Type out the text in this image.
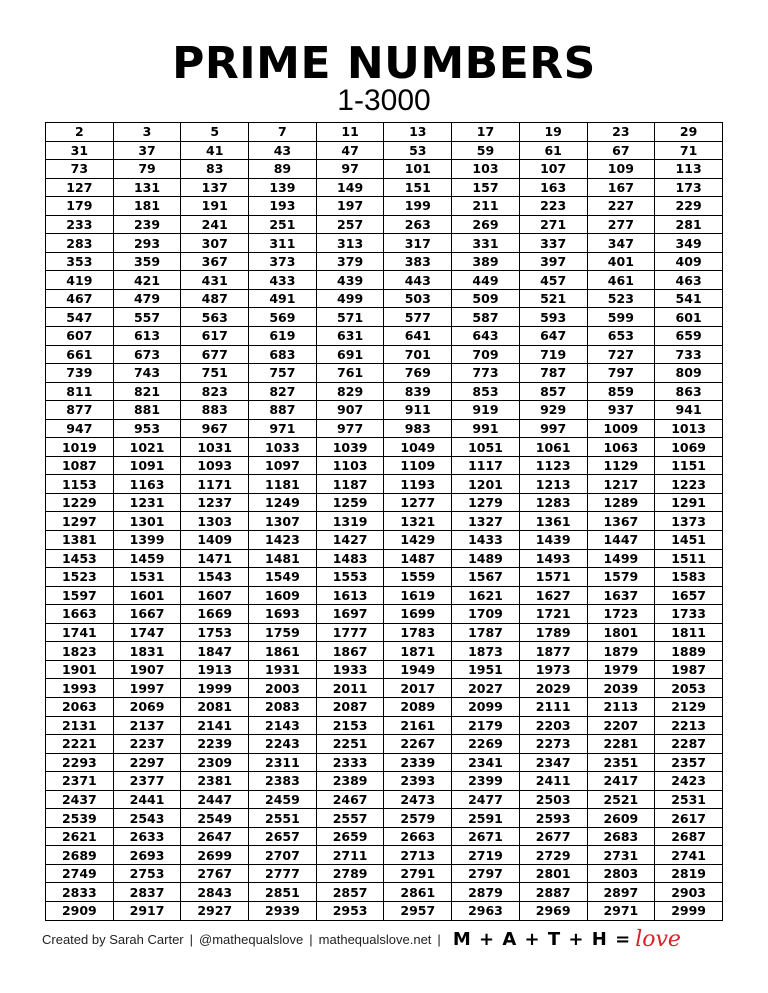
PRIME NUMBERS
1-3000
2	3	5	7	11	13	17	19	23	29
31	37	41	43	47	53	59	61	67	71
73	79	83	89	97	101	103	107	109	113
127	131	137	139	149	151	157	163	167	173
179	181	191	193	197	199	211	223	227	229
233	239	241	251	257	263	269	271	277	281
283	293	307	311	313	317	331	337	347	349
353	359	367	373	379	383	389	397	401	409
419	421	431	433	439	443	449	457	461	463
467	479	487	491	499	503	509	521	523	541
547	557	563	569	571	577	587	593	599	601
607	613	617	619	631	641	643	647	653	659
661	673	677	683	691	701	709	719	727	733
739	743	751	757	761	769	773	787	797	809
811	821	823	827	829	839	853	857	859	863
877	881	883	887	907	911	919	929	937	941
947	953	967	971	977	983	991	997	1009	1013
1019	1021	1031	1033	1039	1049	1051	1061	1063	1069
1087	1091	1093	1097	1103	1109	1117	1123	1129	1151
1153	1163	1171	1181	1187	1193	1201	1213	1217	1223
1229	1231	1237	1249	1259	1277	1279	1283	1289	1291
1297	1301	1303	1307	1319	1321	1327	1361	1367	1373
1381	1399	1409	1423	1427	1429	1433	1439	1447	1451
1453	1459	1471	1481	1483	1487	1489	1493	1499	1511
1523	1531	1543	1549	1553	1559	1567	1571	1579	1583
1597	1601	1607	1609	1613	1619	1621	1627	1637	1657
1663	1667	1669	1693	1697	1699	1709	1721	1723	1733
1741	1747	1753	1759	1777	1783	1787	1789	1801	1811
1823	1831	1847	1861	1867	1871	1873	1877	1879	1889
1901	1907	1913	1931	1933	1949	1951	1973	1979	1987
1993	1997	1999	2003	2011	2017	2027	2029	2039	2053
2063	2069	2081	2083	2087	2089	2099	2111	2113	2129
2131	2137	2141	2143	2153	2161	2179	2203	2207	2213
2221	2237	2239	2243	2251	2267	2269	2273	2281	2287
2293	2297	2309	2311	2333	2339	2341	2347	2351	2357
2371	2377	2381	2383	2389	2393	2399	2411	2417	2423
2437	2441	2447	2459	2467	2473	2477	2503	2521	2531
2539	2543	2549	2551	2557	2579	2591	2593	2609	2617
2621	2633	2647	2657	2659	2663	2671	2677	2683	2687
2689	2693	2699	2707	2711	2713	2719	2729	2731	2741
2749	2753	2767	2777	2789	2791	2797	2801	2803	2819
2833	2837	2843	2851	2857	2861	2879	2887	2897	2903
2909	2917	2927	2939	2953	2957	2963	2969	2971	2999
Created by Sarah Carter | @mathequalslove | mathequalslove.net | M + A + T + H = love
